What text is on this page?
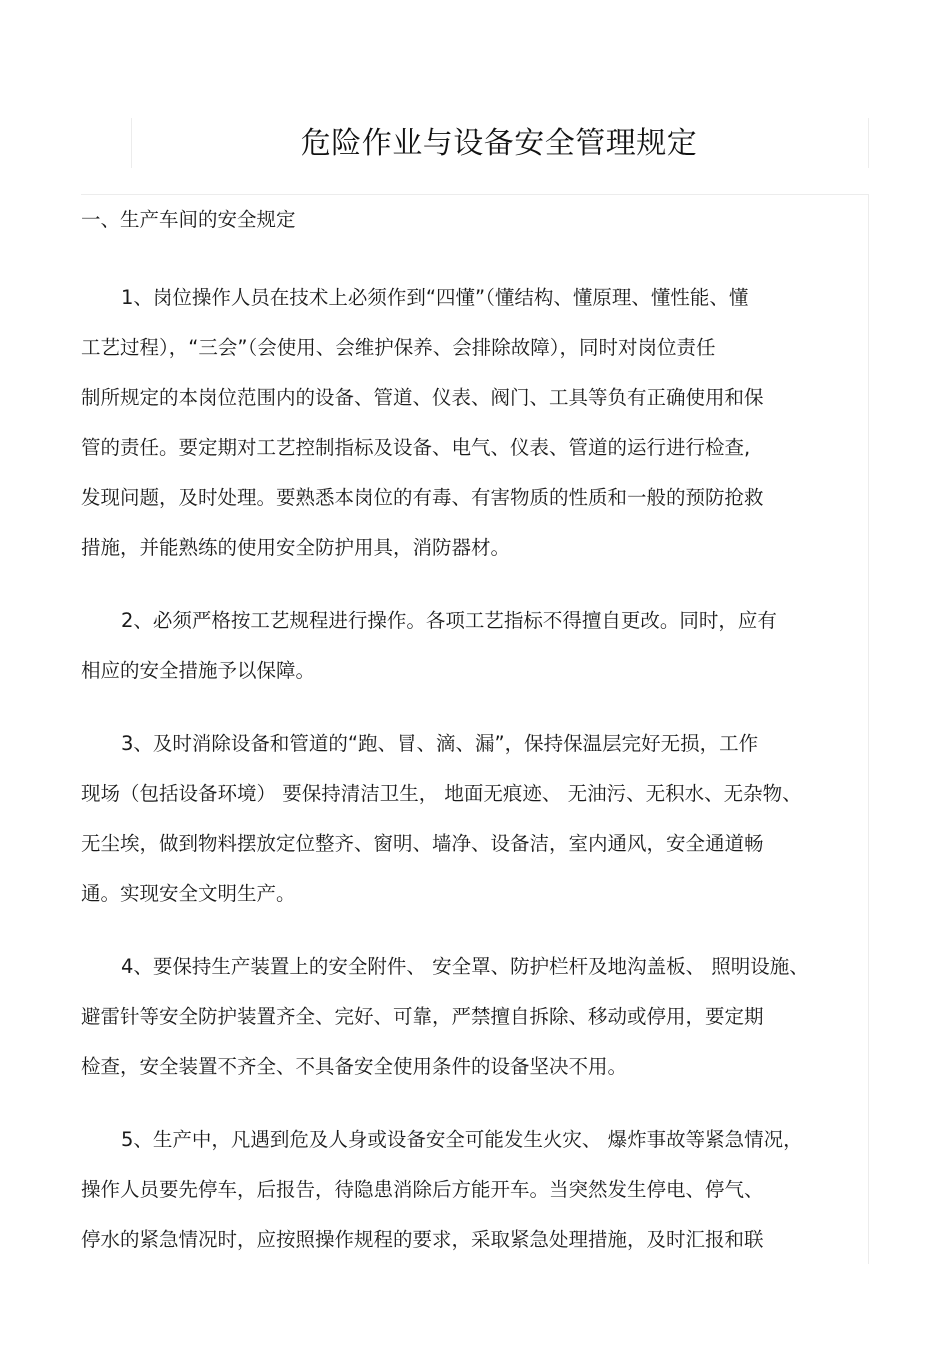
危险作业与设备安全管理规定

一、生产车间的安全规定

1、岗位操作人员在技术上必须作到“四懂”（懂结构、懂原理、懂性能、懂
工艺过程），“三会”（会使用、会维护保养、会排除故障），同时对岗位责任
制所规定的本岗位范围内的设备、管道、仪表、阀门、工具等负有正确使用和保
管的责任。要定期对工艺控制指标及设备、电气、仪表、管道的运行进行检查,
发现问题，及时处理。要熟悉本岗位的有毒、有害物质的性质和一般的预防抢救
措施，并能熟练的使用安全防护用具，消防器材。
2、必须严格按工艺规程进行操作。各项工艺指标不得擅自更改。同时，应有
相应的安全措施予以保障。
3、及时消除设备和管道的“跑、冒、滴、漏”，保持保温层完好无损，工作
现场（包括设备环境） 要保持清洁卫生， 地面无痕迹、 无油污、无积水、无杂物、
无尘埃，做到物料摆放定位整齐、窗明、墙净、设备洁，室内通风，安全通道畅
通。实现安全文明生产。
4、要保持生产装置上的安全附件、 安全罩、防护栏杆及地沟盖板、 照明设施、
避雷针等安全防护装置齐全、完好、可靠，严禁擅自拆除、移动或停用，要定期
检查，安全装置不齐全、不具备安全使用条件的设备坚决不用。
5、生产中，凡遇到危及人身或设备安全可能发生火灾、 爆炸事故等紧急情况，
操作人员要先停车，后报告，待隐患消除后方能开车。当突然发生停电、停气、
停水的紧急情况时，应按照操作规程的要求，采取紧急处理措施，及时汇报和联
